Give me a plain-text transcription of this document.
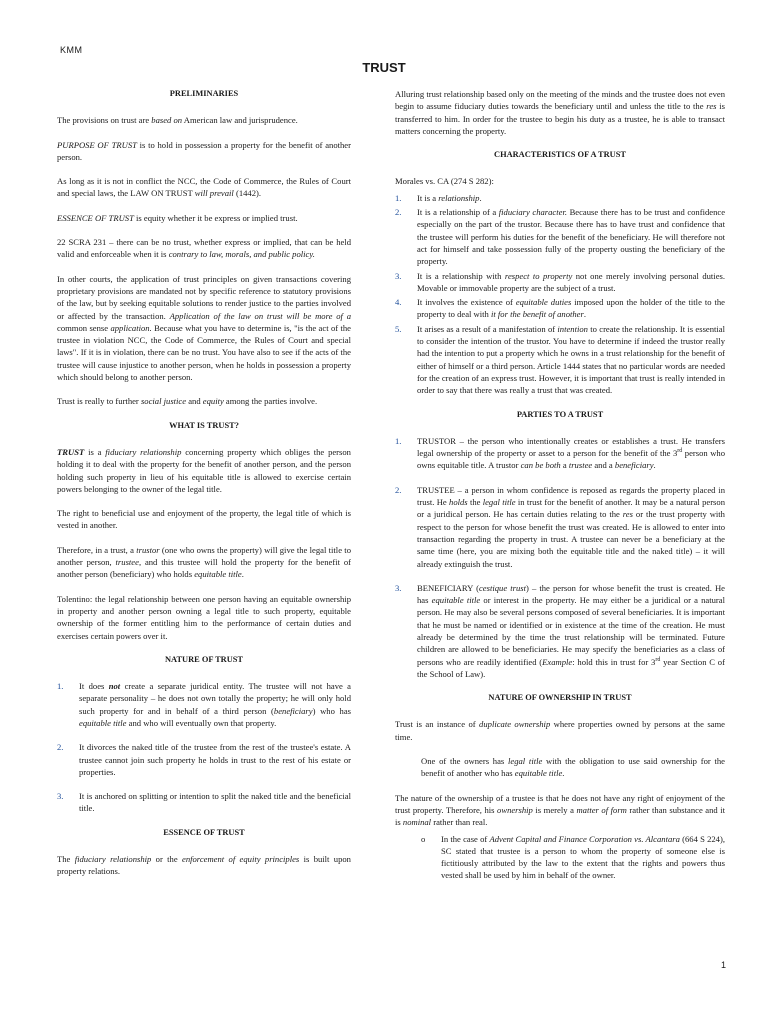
KMM
TRUST
PRELIMINARIES
The provisions on trust are based on American law and jurisprudence.
PURPOSE OF TRUST is to hold in possession a property for the benefit of another person.
As long as it is not in conflict the NCC, the Code of Commerce, the Rules of Court and special laws, the LAW ON TRUST will prevail (1442).
ESSENCE OF TRUST is equity whether it be express or implied trust.
22 SCRA 231 – there can be no trust, whether express or implied, that can be held valid and enforceable when it is contrary to law, morals, and public policy.
In other courts, the application of trust principles on given transactions covering proprietary provisions are mandated not by specific reference to statutory provisions of the law, but by seeking equitable solutions to render justice to the parties involved or affected by the transaction. Application of the law on trust will be more of a common sense application. Because what you have to determine is, "is the act of the trustee in violation NCC, the Code of Commerce, the Rules of Court and special laws". If it is in violation, there can be no trust. You have also to see if the acts of the trustee will cause injustice to another person, when he holds in possession a property which should belong to another person.
Trust is really to further social justice and equity among the parties involve.
WHAT IS TRUST?
TRUST is a fiduciary relationship concerning property which obliges the person holding it to deal with the property for the benefit of another person, and the person holding such property in lieu of his equitable title is allowed to exercise certain powers belonging to the owner of the legal title.
The right to beneficial use and enjoyment of the property, the legal title of which is vested in another.
Therefore, in a trust, a trustor (one who owns the property) will give the legal title to another person, trustee, and this trustee will hold the property for the benefit of another person (beneficiary) who holds equitable title.
Tolentino: the legal relationship between one person having an equitable ownership in property and another person owning a legal title to such property, equitable ownership of the former entitling him to the performance of certain duties and exercises certain powers over it.
NATURE OF TRUST
1. It does not create a separate juridical entity. The trustee will not have a separate personality – he does not own totally the property; he will only hold such property for and in behalf of a third person (beneficiary) who has equitable title and who will eventually own that property.
2. It divorces the naked title of the trustee from the rest of the trustee's estate. A trustee cannot join such property he holds in trust to the rest of his estate or properties.
3. It is anchored on splitting or intention to split the naked title and the beneficial title.
ESSENCE OF TRUST
The fiduciary relationship or the enforcement of equity principles is built upon property relations.
Alluring trust relationship based only on the meeting of the minds and the trustee does not even begin to assume fiduciary duties towards the beneficiary until and unless the title to the res is transferred to him. In order for the trustee to begin his duty as a trustee, he is able to transact matters concerning the property.
CHARACTERISTICS OF A TRUST
Morales vs. CA (274 S 282):
1. It is a relationship.
2. It is a relationship of a fiduciary character. Because there has to be trust and confidence especially on the part of the trustor. Because there has to have trust and confidence that the trustee will perform his duties for the benefit of the beneficiary. He will therefore not act for himself and take possession fully of the property ousting the beneficiary of the property.
3. It is a relationship with respect to property not one merely involving personal duties. Movable or immovable property are the subject of a trust.
4. It involves the existence of equitable duties imposed upon the holder of the title to the property to deal with it for the benefit of another.
5. It arises as a result of a manifestation of intention to create the relationship. It is essential to consider the intention of the trustor. You have to determine if indeed the trustor really had the intention to put a property which he owns in a trust relationship for the benefit of either of himself or a third person. Article 1444 states that no particular words are needed for the creation of an express trust. However, it is important that trust is really intended in order to say that there was really a trust that was created.
PARTIES TO A TRUST
1. TRUSTOR – the person who intentionally creates or establishes a trust. He transfers legal ownership of the property or asset to a person for the benefit of the 3rd person who owns equitable title. A trustor can be both a trustee and a beneficiary.
2. TRUSTEE – a person in whom confidence is reposed as regards the property placed in trust. He holds the legal title in trust for the benefit of another. It may be a natural person or a juridical person. He has certain duties relating to the res or the trust property with respect to the person for whose benefit the trust was created. He is allowed to enter into transaction regarding the property in trust. A trustee can never be a beneficiary at the same time (here, you are mixing both the equitable title and the naked title) – it will already extinguish the trust.
3. BENEFICIARY (cestique trust) – the person for whose benefit the trust is created. He has equitable title or interest in the property. He may either be a juridical or a natural person. He may also be several persons composed of several beneficiaries. It is important that he must be named or identified or in existence at the time of the creation. He must already be determined by the time the trust relationship will be terminated. Future children are allowed to be beneficiaries. He may specify the beneficiaries as a class of persons who are readily identified (Example: hold this in trust for 3rd year Section C of the School of Law).
NATURE OF OWNERSHIP IN TRUST
Trust is an instance of duplicate ownership where properties owned by persons at the same time.
One of the owners has legal title with the obligation to use said ownership for the benefit of another who has equitable title.
The nature of the ownership of a trustee is that he does not have any right of enjoyment of the trust property. Therefore, his ownership is merely a matter of form rather than substance and it is nominal rather than real.
o In the case of Advent Capital and Finance Corporation vs. Alcantara (664 S 224), SC stated that trustee is a person to whom the property of someone else is fictitiously attributed by the law to the extent that the rights and powers thus vested shall be used by him in behalf of the owner.
1
